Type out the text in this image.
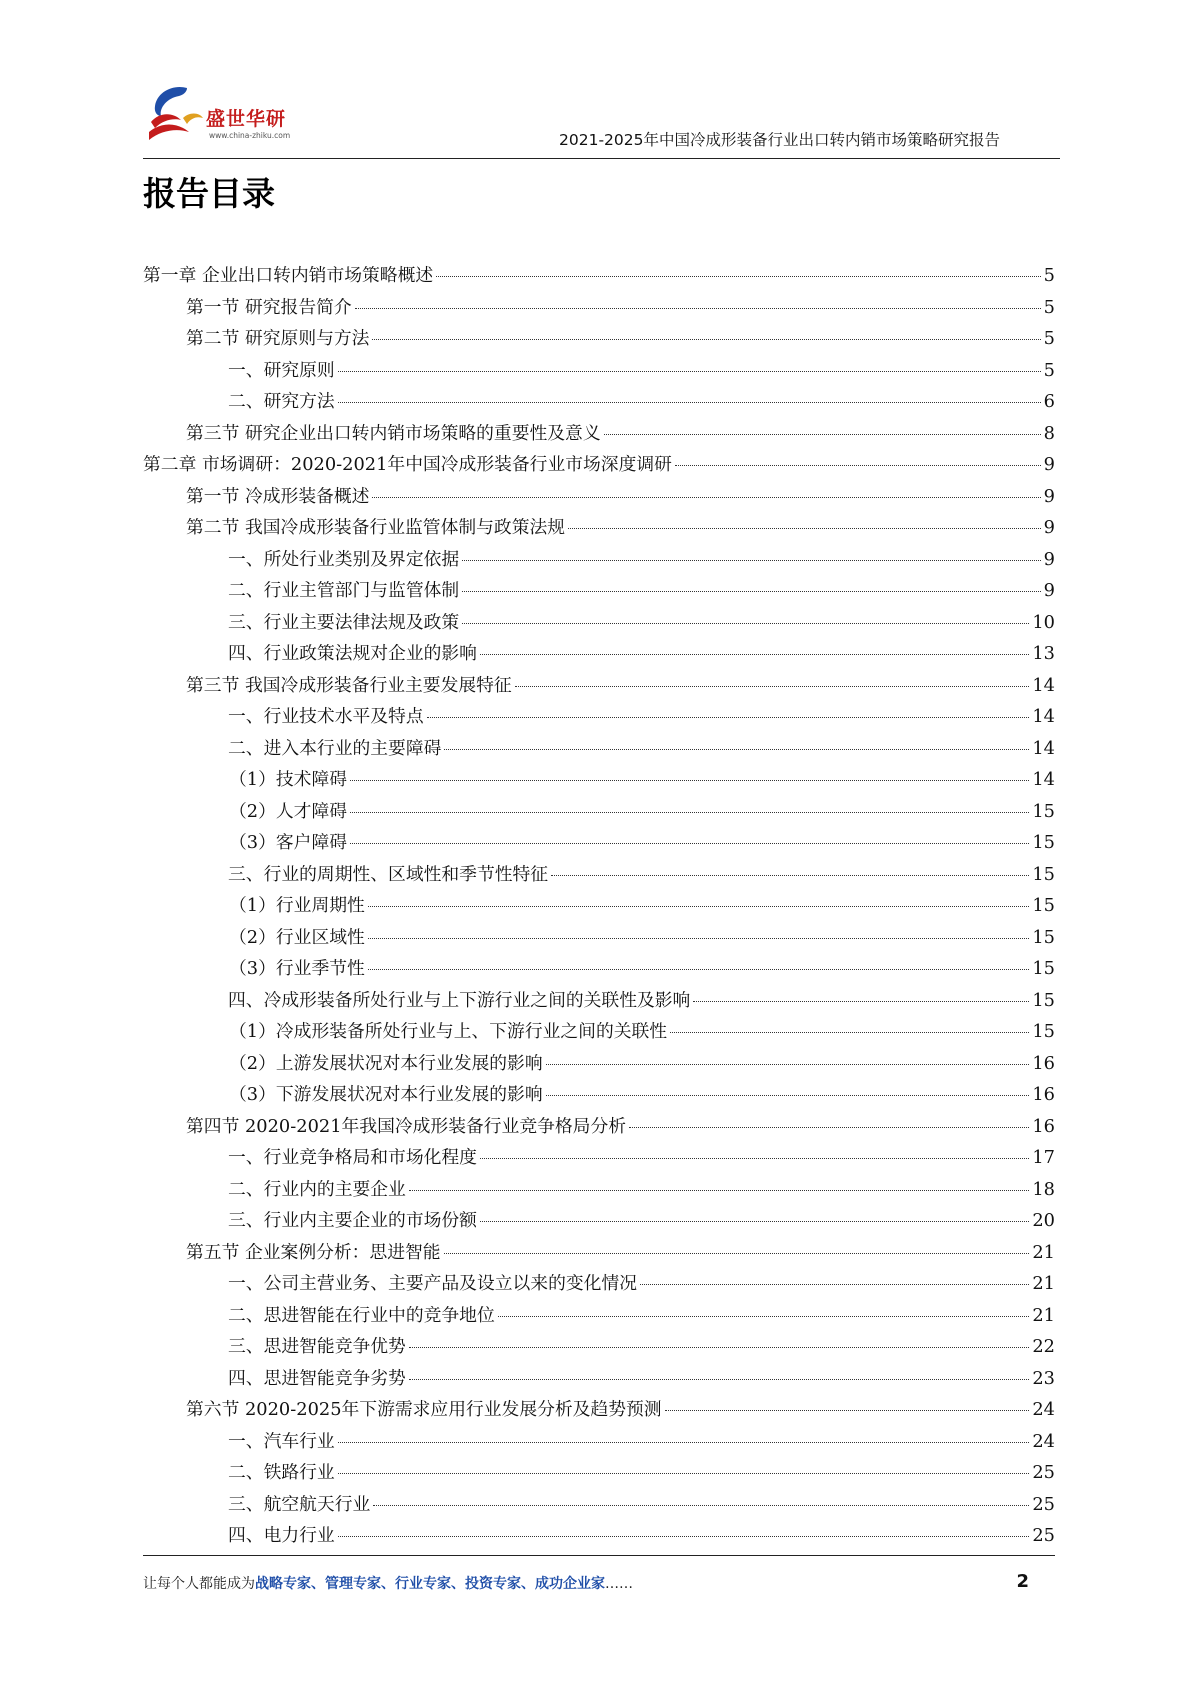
盛世华研
www.china-zhiku.com	2021-2025年中国冷成形装备行业出口转内销市场策略研究报告
报告目录
第一章 企业出口转内销市场策略概述	5
第一节 研究报告简介	5
第二节 研究原则与方法	5
一、研究原则	5
二、研究方法	6
第三节 研究企业出口转内销市场策略的重要性及意义	8
第二章 市场调研：2020-2021年中国冷成形装备行业市场深度调研	9
第一节 冷成形装备概述	9
第二节 我国冷成形装备行业监管体制与政策法规	9
一、所处行业类别及界定依据	9
二、行业主管部门与监管体制	9
三、行业主要法律法规及政策	10
四、行业政策法规对企业的影响	13
第三节 我国冷成形装备行业主要发展特征	14
一、行业技术水平及特点	14
二、进入本行业的主要障碍	14
（1）技术障碍	14
（2）人才障碍	15
（3）客户障碍	15
三、行业的周期性、区域性和季节性特征	15
（1）行业周期性	15
（2）行业区域性	15
（3）行业季节性	15
四、冷成形装备所处行业与上下游行业之间的关联性及影响	15
（1）冷成形装备所处行业与上、下游行业之间的关联性	15
（2）上游发展状况对本行业发展的影响	16
（3）下游发展状况对本行业发展的影响	16
第四节 2020-2021年我国冷成形装备行业竞争格局分析	16
一、行业竞争格局和市场化程度	17
二、行业内的主要企业	18
三、行业内主要企业的市场份额	20
第五节 企业案例分析：思进智能	21
一、公司主营业务、主要产品及设立以来的变化情况	21
二、思进智能在行业中的竞争地位	21
三、思进智能竞争优势	22
四、思进智能竞争劣势	23
第六节 2020-2025年下游需求应用行业发展分析及趋势预测	24
一、汽车行业	24
二、铁路行业	25
三、航空航天行业	25
四、电力行业	25
让每个人都能成为战略专家、管理专家、行业专家、投资专家、成功企业家……	2
